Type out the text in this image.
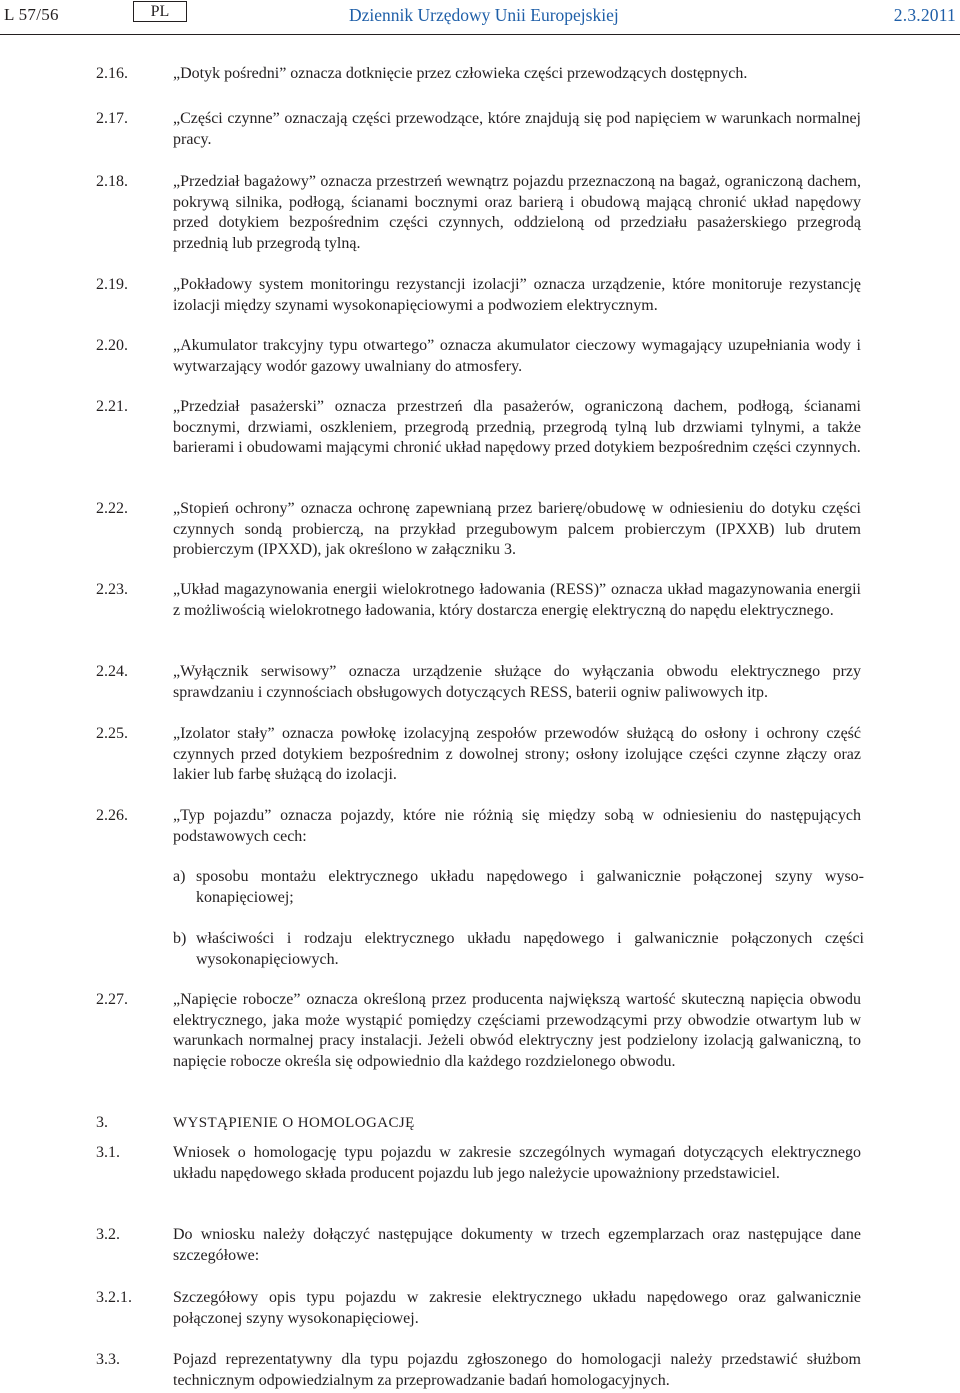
L 57/56	PL	Dziennik Urzędowy Unii Europejskiej	2.3.2011
2.16.	„Dotyk pośredni” oznacza dotknięcie przez człowieka części przewodzących dostępnych.
2.17.	„Części czynne” oznaczają części przewodzące, które znajdują się pod napięciem w warunkach normalnej pracy.
2.18.	„Przedział bagażowy” oznacza przestrzeń wewnątrz pojazdu przeznaczoną na bagaż, ograniczoną dachem, pokrywą silnika, podłogą, ścianami bocznymi oraz barierą i obudową mającą chronić układ napędowy przed dotykiem bezpośrednim części czynnych, oddzieloną od przedziału pasażerskiego przegrodą przednią lub przegrodą tylną.
2.19.	„Pokładowy system monitoringu rezystancji izolacji” oznacza urządzenie, które monitoruje rezystancję izolacji między szynami wysokonapięciowymi a podwoziem elektrycznym.
2.20.	„Akumulator trakcyjny typu otwartego” oznacza akumulator cieczowy wymagający uzupełniania wody i wytwarzający wodór gazowy uwalniany do atmosfery.
2.21.	„Przedział pasażerski” oznacza przestrzeń dla pasażerów, ograniczoną dachem, podłogą, ścianami bocznymi, drzwiami, oszkleniem, przegrodą przednią, przegrodą tylną lub drzwiami tylnymi, a także barierami i obudowami mającymi chronić układ napędowy przed dotykiem bezpośrednim części czynnych.
2.22.	„Stopień ochrony” oznacza ochronę zapewnianą przez barierę/obudowę w odniesieniu do dotyku części czynnych sondą probierczą, na przykład przegubowym palcem probierczym (IPXXB) lub drutem probierczym (IPXXD), jak określono w załączniku 3.
2.23.	„Układ magazynowania energii wielokrotnego ładowania (RESS)” oznacza układ magazynowania energii z możliwością wielokrotnego ładowania, który dostarcza energię elektryczną do napędu elektrycznego.
2.24.	„Wyłącznik serwisowy” oznacza urządzenie służące do wyłączania obwodu elektrycznego przy sprawdzaniu i czynnościach obsługowych dotyczących RESS, baterii ogniw paliwowych itp.
2.25.	„Izolator stały” oznacza powłokę izolacyjną zespołów przewodów służącą do osłony i ochrony część czynnych przed dotykiem bezpośrednim z dowolnej strony; osłony izolujące części czynne złączy oraz lakier lub farbę służącą do izolacji.
2.26.	„Typ pojazdu” oznacza pojazdy, które nie różnią się między sobą w odniesieniu do następujących podstawowych cech:
a) sposobu montażu elektrycznego układu napędowego i galwanicznie połączonej szyny wysokonapięciowej;
b) właściwości i rodzaju elektrycznego układu napędowego i galwanicznie połączonych części wysokonapięciowych.
2.27.	„Napięcie robocze” oznacza określoną przez producenta największą wartość skuteczną napięcia obwodu elektrycznego, jaka może wystąpić pomiędzy częściami przewodzącymi przy obwodzie otwartym lub w warunkach normalnej pracy instalacji. Jeżeli obwód elektryczny jest podzielony izolacją galwaniczną, to napięcie robocze określa się odpowiednio dla każdego rozdzielonego obwodu.
3.	WYSTĄPIENIE O HOMOLOGACJĘ
3.1.	Wniosek o homologację typu pojazdu w zakresie szczególnych wymagań dotyczących elektrycznego układu napędowego składa producent pojazdu lub jego należycie upoważniony przedstawiciel.
3.2.	Do wniosku należy dołączyć następujące dokumenty w trzech egzemplarzach oraz następujące dane szczegółowe:
3.2.1.	Szczegółowy opis typu pojazdu w zakresie elektrycznego układu napędowego oraz galwanicznie połączonej szyny wysokonapięciowej.
3.3.	Pojazd reprezentatywny dla typu pojazdu zgłoszonego do homologacji należy przedstawić służbom technicznym odpowiedzialnym za przeprowadzanie badań homologacyjnych.
